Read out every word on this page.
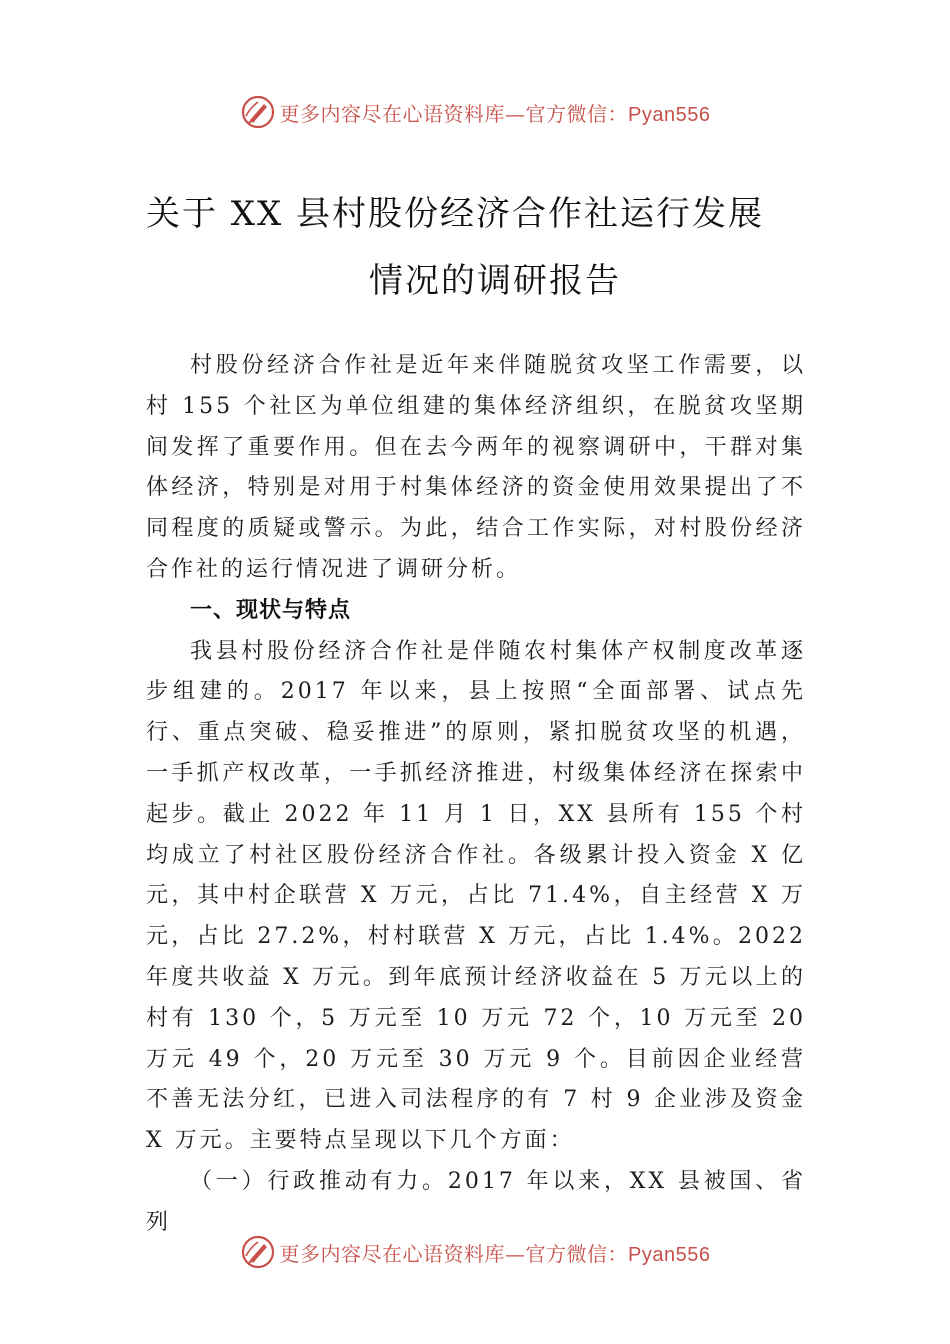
更多内容尽在心语资料库—官方微信：Pyan556
关于 XX 县村股份经济合作社运行发展
情况的调研报告

村股份经济合作社是近年来伴随脱贫攻坚工作需要，以村 155 个社区为单位组建的集体经济组织，在脱贫攻坚期间发挥了重要作用。但在去今两年的视察调研中，干群对集体经济，特别是对用于村集体经济的资金使用效果提出了不同程度的质疑或警示。为此，结合工作实际，对村股份经济合作社的运行情况进了调研分析。

一、现状与特点

我县村股份经济合作社是伴随农村集体产权制度改革逐步组建的。2017 年以来，县上按照“全面部署、试点先行、重点突破、稳妥推进”的原则，紧扣脱贫攻坚的机遇，一手抓产权改革，一手抓经济推进，村级集体经济在探索中起步。截止 2022 年 11 月 1 日，XX 县所有 155 个村均成立了村社区股份经济合作社。各级累计投入资金 X 亿元，其中村企联营 X 万元，占比 71.4%，自主经营 X 万元，占比 27.2%，村村联营 X 万元，占比 1.4%。2022 年度共收益 X 万元。到年底预计经济收益在 5 万元以上的村有 130 个，5 万元至 10 万元 72 个，10 万元至 20 万元 49 个，20 万元至 30 万元 9 个。目前因企业经营不善无法分红，已进入司法程序的有 7 村 9 企业涉及资金 X 万元。主要特点呈现以下几个方面：

（一）行政推动有力。2017 年以来，XX 县被国、省列

更多内容尽在心语资料库—官方微信：Pyan556
